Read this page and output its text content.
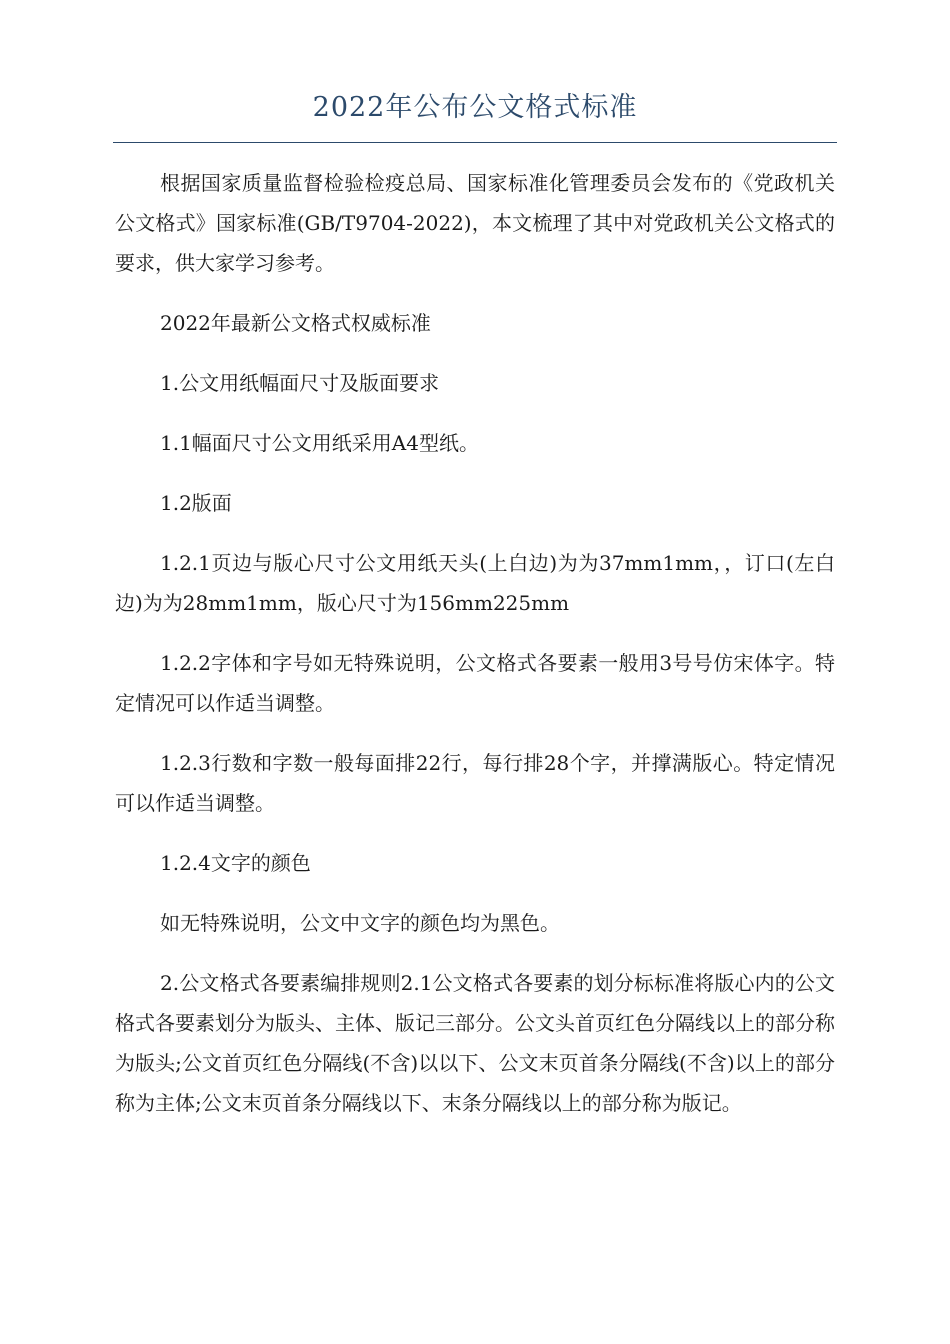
2022年公布公文格式标准

根据国家质量监督检验检疫总局、国家标准化管理委员会发布的《党政机关公文格式》国家标准(GB/T9704-2022)，本文梳理了其中对党政机关公文格式的要求，供大家学习参考。

2022年最新公文格式权威标准

1.公文用纸幅面尺寸及版面要求

1.1幅面尺寸公文用纸采用A4型纸。

1.2版面

1.2.1页边与版心尺寸公文用纸天头(上白边)为为37mm1mm，，订口(左白边)为为28mm1mm，版心尺寸为156mm225mm

1.2.2字体和字号如无特殊说明，公文格式各要素一般用3号号仿宋体字。特定情况可以作适当调整。

1.2.3行数和字数一般每面排22行，每行排28个字，并撑满版心。特定情况可以作适当调整。

1.2.4文字的颜色

如无特殊说明，公文中文字的颜色均为黑色。

2.公文格式各要素编排规则2.1公文格式各要素的划分标标准将版心内的公文格式各要素划分为版头、主体、版记三部分。公文头首页红色分隔线以上的部分称为版头;公文首页红色分隔线(不含)以以下、公文末页首条分隔线(不含)以上的部分称为主体;公文末页首条分隔线以下、末条分隔线以上的部分称为版记。
